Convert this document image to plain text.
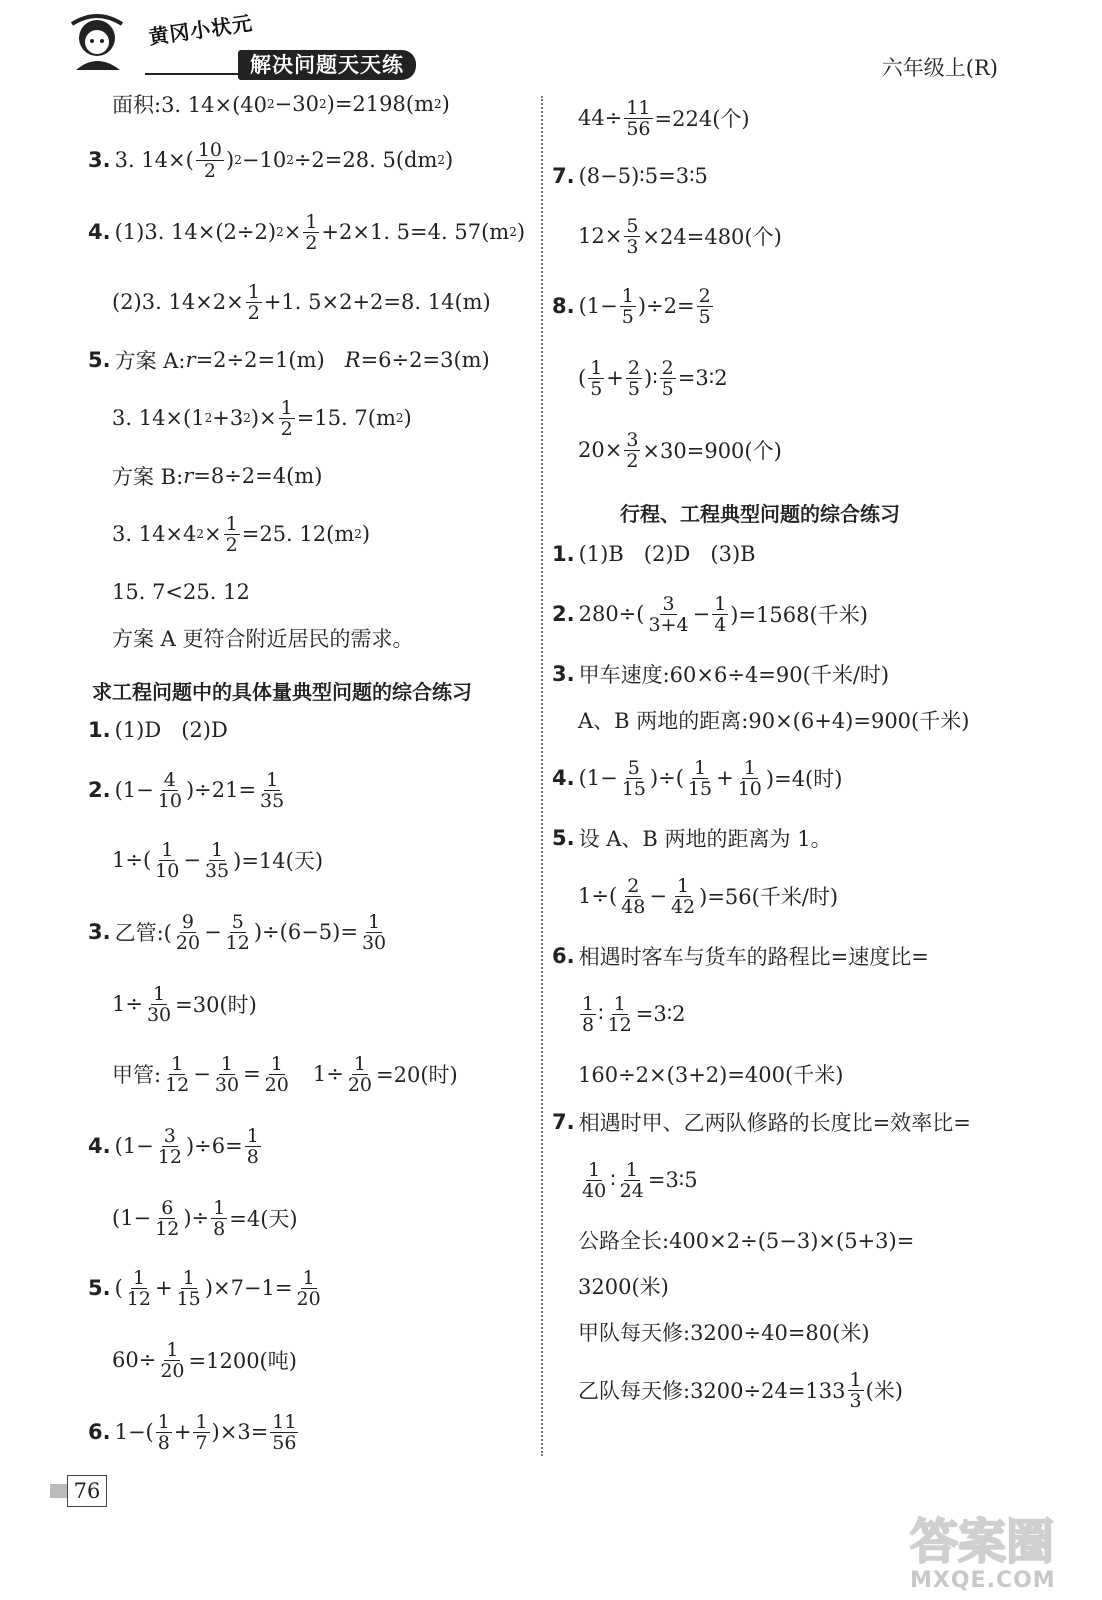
黄冈小状元
解决问题天天练	六年级上(R)
面积:3. 14×(40 2 −30 2 )=2198(m 2 )
3. 3. $14\times( \frac{10}{2}$ ) 2 −10 2 ÷2=28. 5(dm 2 )
4. (1)3. 14×(2÷2) $2 \times \frac{1}{2} +2\times 1$. 5=4. 57(m 2 )
(2)3. $14\times 2\times \frac{1}{2} +1$. 5×2+2=8. 14(m)
5. 方案 A: r =2÷2=1(m) R =6÷2=3(m)
3. 14×(1 2 +3 2 )× $\frac{1}{2} =15$. 7(m 2 )
方案 B: r =8÷2=4(m)
3. 14×4 $2 \times \frac{1}{2} =25$. 12(m 2 )
15. 7<25. 12
方案 A 更符合附近居民的需求。
求工程问题中的具体量典型问题的综合练习
1. (1)D   (2)D
2. $(1- \frac{4}{10} )\div 21= \frac{1}{35}$
$1\div( \frac{1}{10} - \frac{1}{35} )=14$(天)
3. 乙管:( $\frac{9}{20} - \frac{5}{12} )\div(6-5)= \frac{1}{30}$
$1\div \frac{1}{30} =30$(时)
甲管: $\frac{1}{12} - \frac{1}{30} = \frac{1}{20} 1\div \frac{1}{20} =20$(时)
4. $(1- \frac{3}{12} )\div 6= \frac{1}{8}$
($1- \frac{6}{12}$ )÷ $\frac{1}{8} =4$(天)
5. ( $\frac{1}{12} + \frac{1}{15} )\times 7-1= \frac{1}{20}$
$60\div \frac{1}{20} =1200$(吨)
6. $1-( \frac{1}{8} + \frac{1}{7} )\times 3= \frac{11}{56}$
$44\div \frac{11}{56} =224$(个)
7. (8−5)∶5=3∶5
$12\times \frac{5}{3} \times 24=480$(个)
8. $(1- \frac{1}{5} )\div 2= \frac{2}{5}$
( $\frac{1}{5} + \frac{2}{5}$ )∶ $\frac{2}{5}$ =3∶2
$20\times \frac{3}{2} \times 30=900$(个)
行程、工程典型问题的综合练习
1. (1)B   (2)D   (3)B
2. $280\div( \frac{3}{3+4} - \frac{1}{4} )=1568$(千米)
3. 甲车速度:60×6÷4=90(千米/时)
A、B 两地的距离:90×(6+4)=900(千米)
4. ($1- \frac{5}{15}$ )÷( $\frac{1}{15} + \frac{1}{10} )=4$(时)
5. 设 A、B 两地的距离为 1。
$1\div( \frac{2}{48} - \frac{1}{42} )=56$(千米/时)
6. 相遇时客车与货车的路程比=速度比=
$\frac{1}{8}$ ∶ $\frac{1}{12}$ =3∶2
160÷2×(3+2)=400(千米)
7. 相遇时甲、乙两队修路的长度比=效率比=
$\frac{1}{40}$ ∶ $\frac{1}{24}$ =3∶5
公路全长:400×2÷(5−3)×(5+3)=
3200(米)
甲队每天修:3200÷40=80(米)
乙队每天修:3200÷24=133 $\frac{1}{3}$ (米)
76
答案圈
MXQE.COM
